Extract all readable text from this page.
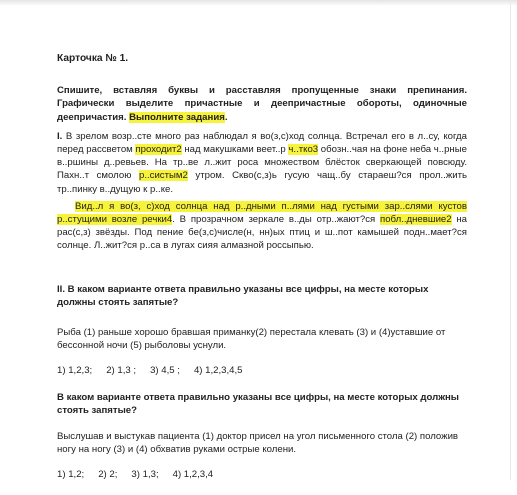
Карточка № 1.
Спишите, вставляя буквы и расставляя пропущенные знаки препинания. Графически выделите причастные и деепричастные обороты, одиночные деепричастия. Выполните задания.

I. В зрелом возр..сте много раз наблюдал я во(з,с)ход солнца. Встречал его в л..су, когда перед рассветом проходит2 над макушками веет..р ч..тко3 обозн..чая на фоне неба ч..рные в..ршины д..ревьев. На тр..ве л..жит роса множеством блёсток сверкающей повсюду. Пахн..т смолою р..систым2 утром. Скво(с,з)ь гусую чащ..бу стараеш?ся прол..жить тр..пинку в..дущую к р..ке.

Вид..л я во(з, с)ход солнца над р..дными п..лями над густыми зар..слями кустов р..стущими возле речки4. В прозрачном зеркале в..ды отр..жают?ся побл..дневшие2 на рас(с,з) звёзды. Под пение бе(з,с)числе(н, нн)ых птиц и ш..пот камышей подн..мает?ся солнце. Л..жит?ся р..са в лугах сияя алмазной россыпью.

II. В каком варианте ответа правильно указаны все цифры, на месте которых должны стоять запятые?
Рыба (1) раньше хорошо бравшая приманку(2) перестала клевать (3) и (4)уставшие от бессонной ночи (5) рыболовы уснули.
1) 1,2,3; 2) 1,3 ; 3) 4,5 ; 4) 1,2,3,4,5
В каком варианте ответа правильно указаны все цифры, на месте которых должны стоять запятые?
Выслушав и выстукав пациента (1) доктор присел на угол письменного стола (2) положив ногу на ногу (3) и (4) обхватив руками острые колени.
1) 1,2; 2) 2; 3) 1,3; 4) 1,2,3,4
